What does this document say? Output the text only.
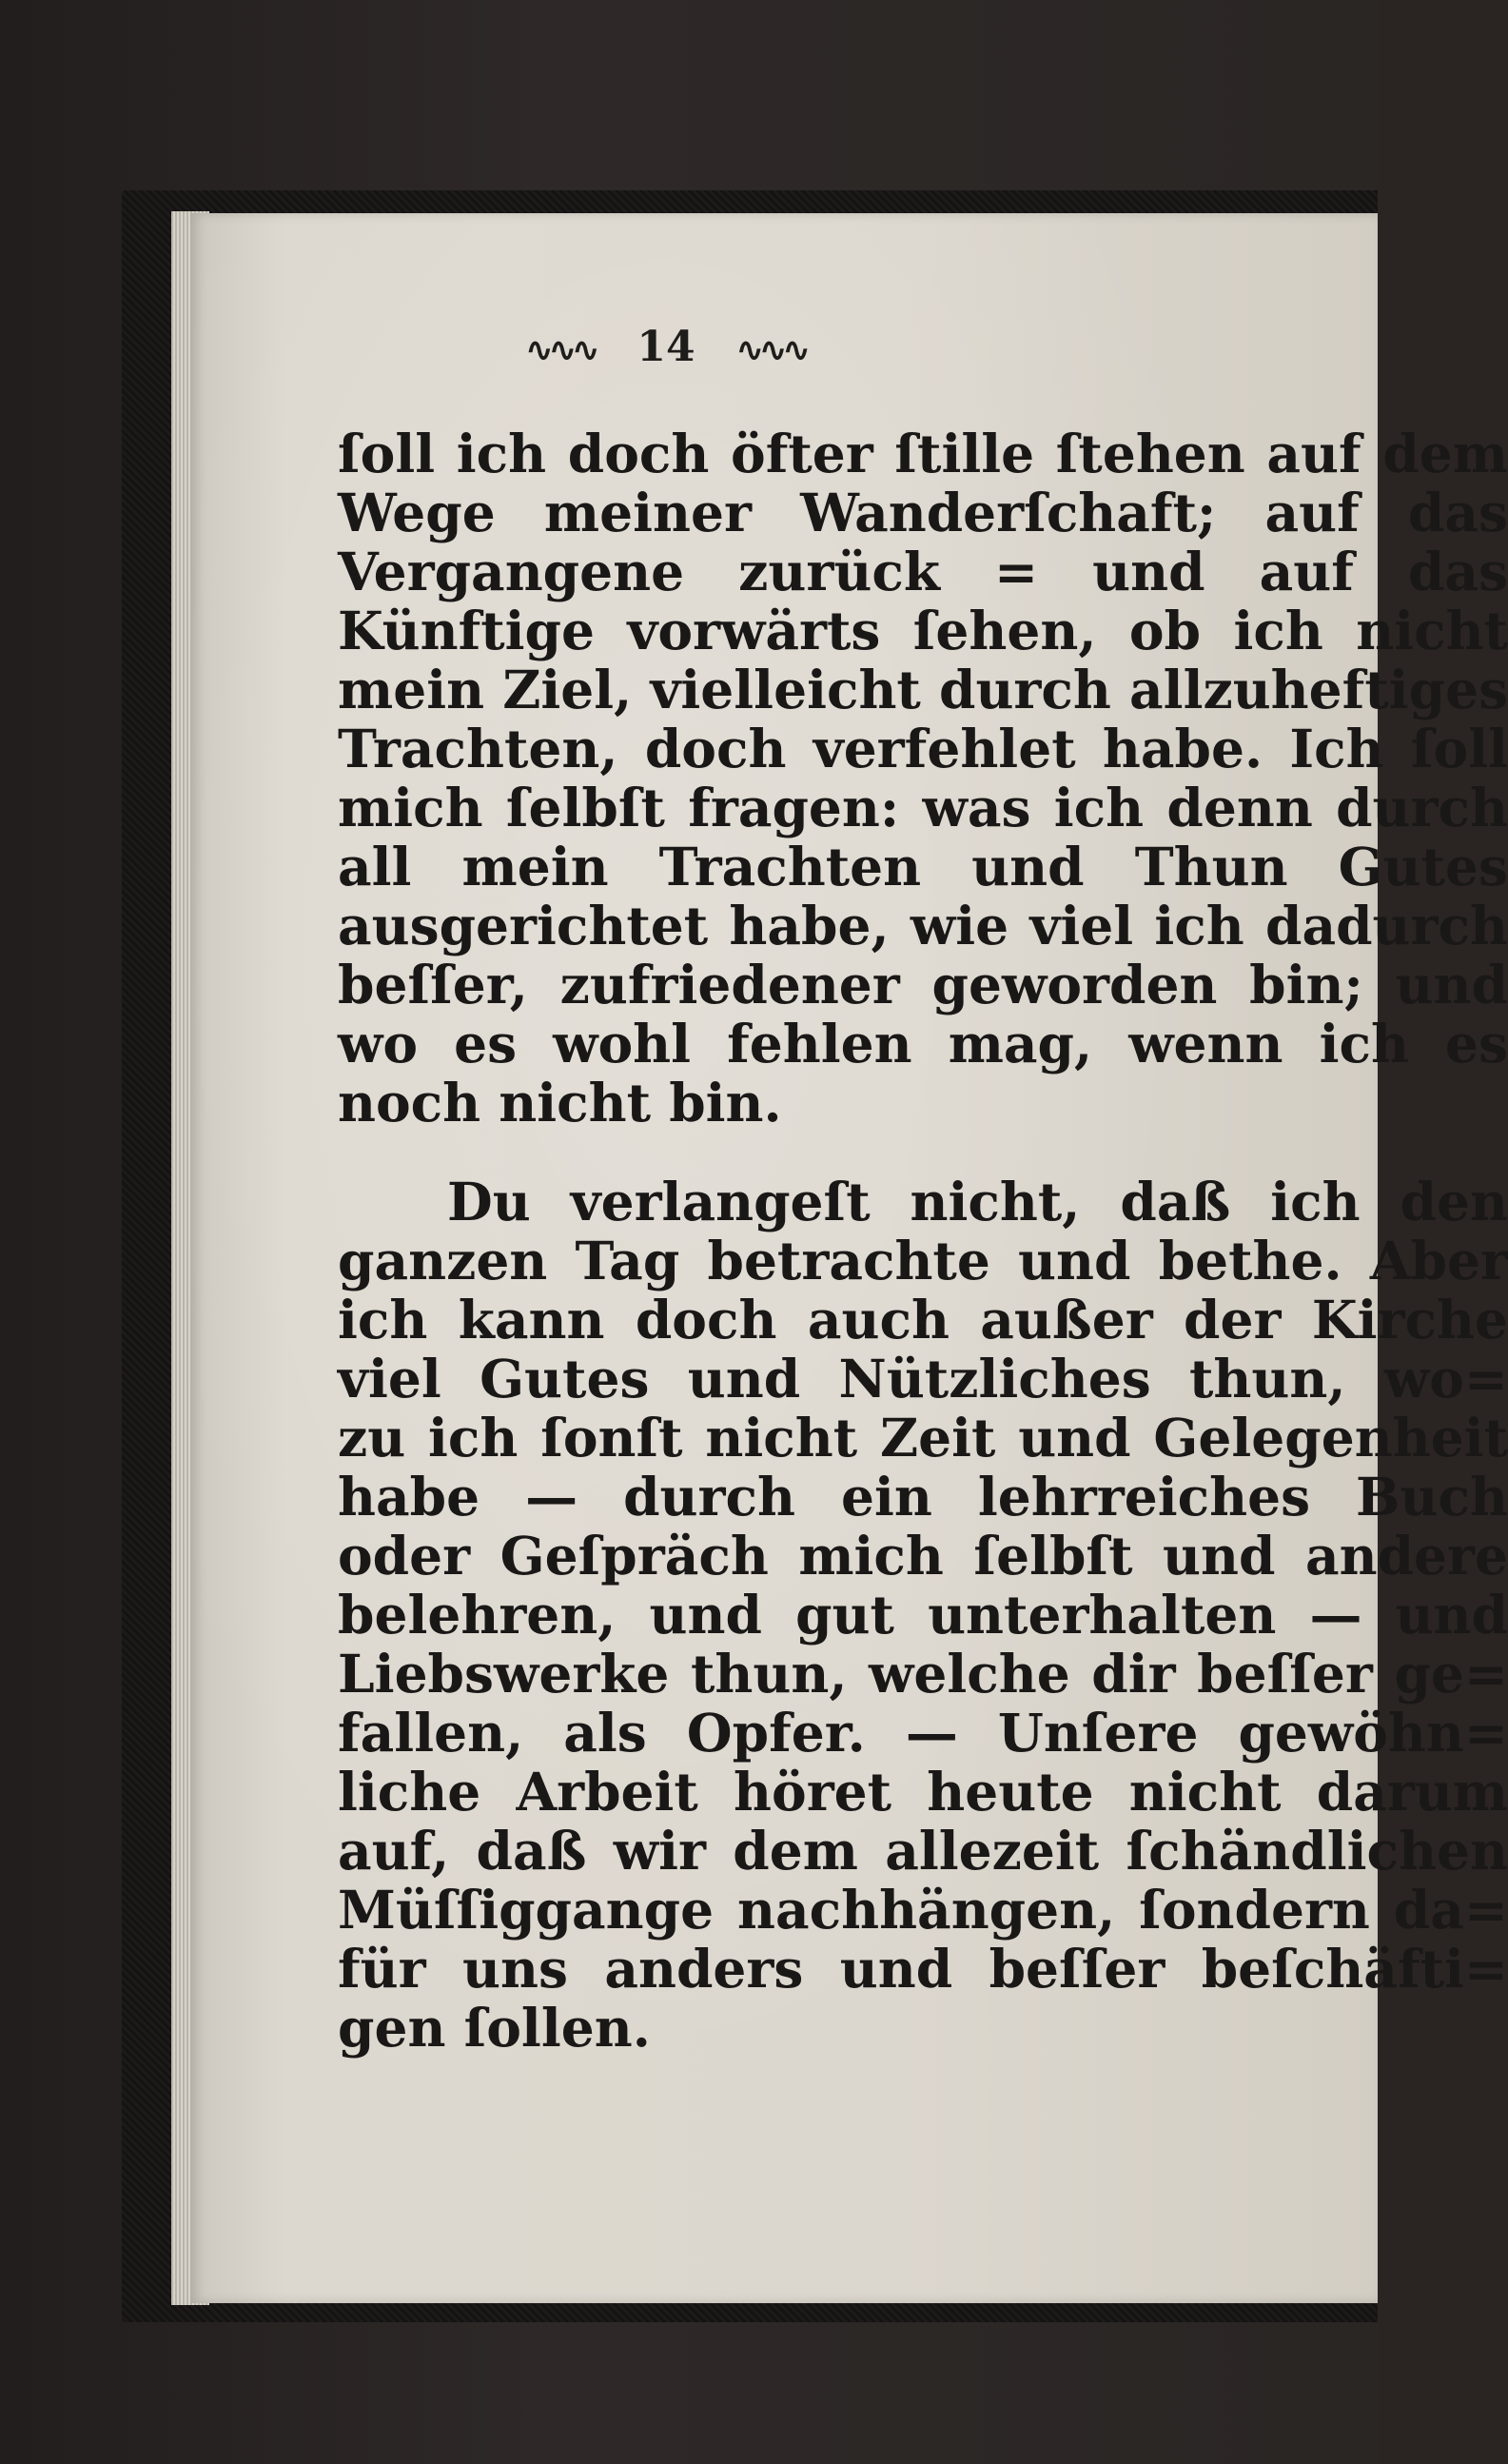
∿∿∿ 14 ∿∿∿
ſoll ich doch öfter ſtille ſtehen auf dem
Wege meiner Wanderſchaft; auf das
Vergangene zurück = und auf das
Künftige vorwärts ſehen, ob ich nicht
mein Ziel, vielleicht durch allzuheftiges
Trachten, doch verfehlet habe. Ich ſoll
mich ſelbſt fragen: was ich denn durch
all mein Trachten und Thun Gutes
ausgerichtet habe, wie viel ich dadurch
beſſer, zufriedener geworden bin; und
wo es wohl fehlen mag, wenn ich es
noch nicht bin.
Du verlangeſt nicht, daß ich den
ganzen Tag betrachte und bethe. Aber
ich kann doch auch außer der Kirche
viel Gutes und Nützliches thun, wo=
zu ich ſonſt nicht Zeit und Gelegenheit
habe — durch ein lehrreiches Buch
oder Geſpräch mich ſelbſt und andere
belehren, und gut unterhalten — und
Liebswerke thun, welche dir beſſer ge=
fallen, als Opfer. — Unſere gewöhn=
liche Arbeit höret heute nicht darum
auf, daß wir dem allezeit ſchändlichen
Müſſiggange nachhängen, ſondern da=
für uns anders und beſſer beſchäfti=
gen ſollen.
